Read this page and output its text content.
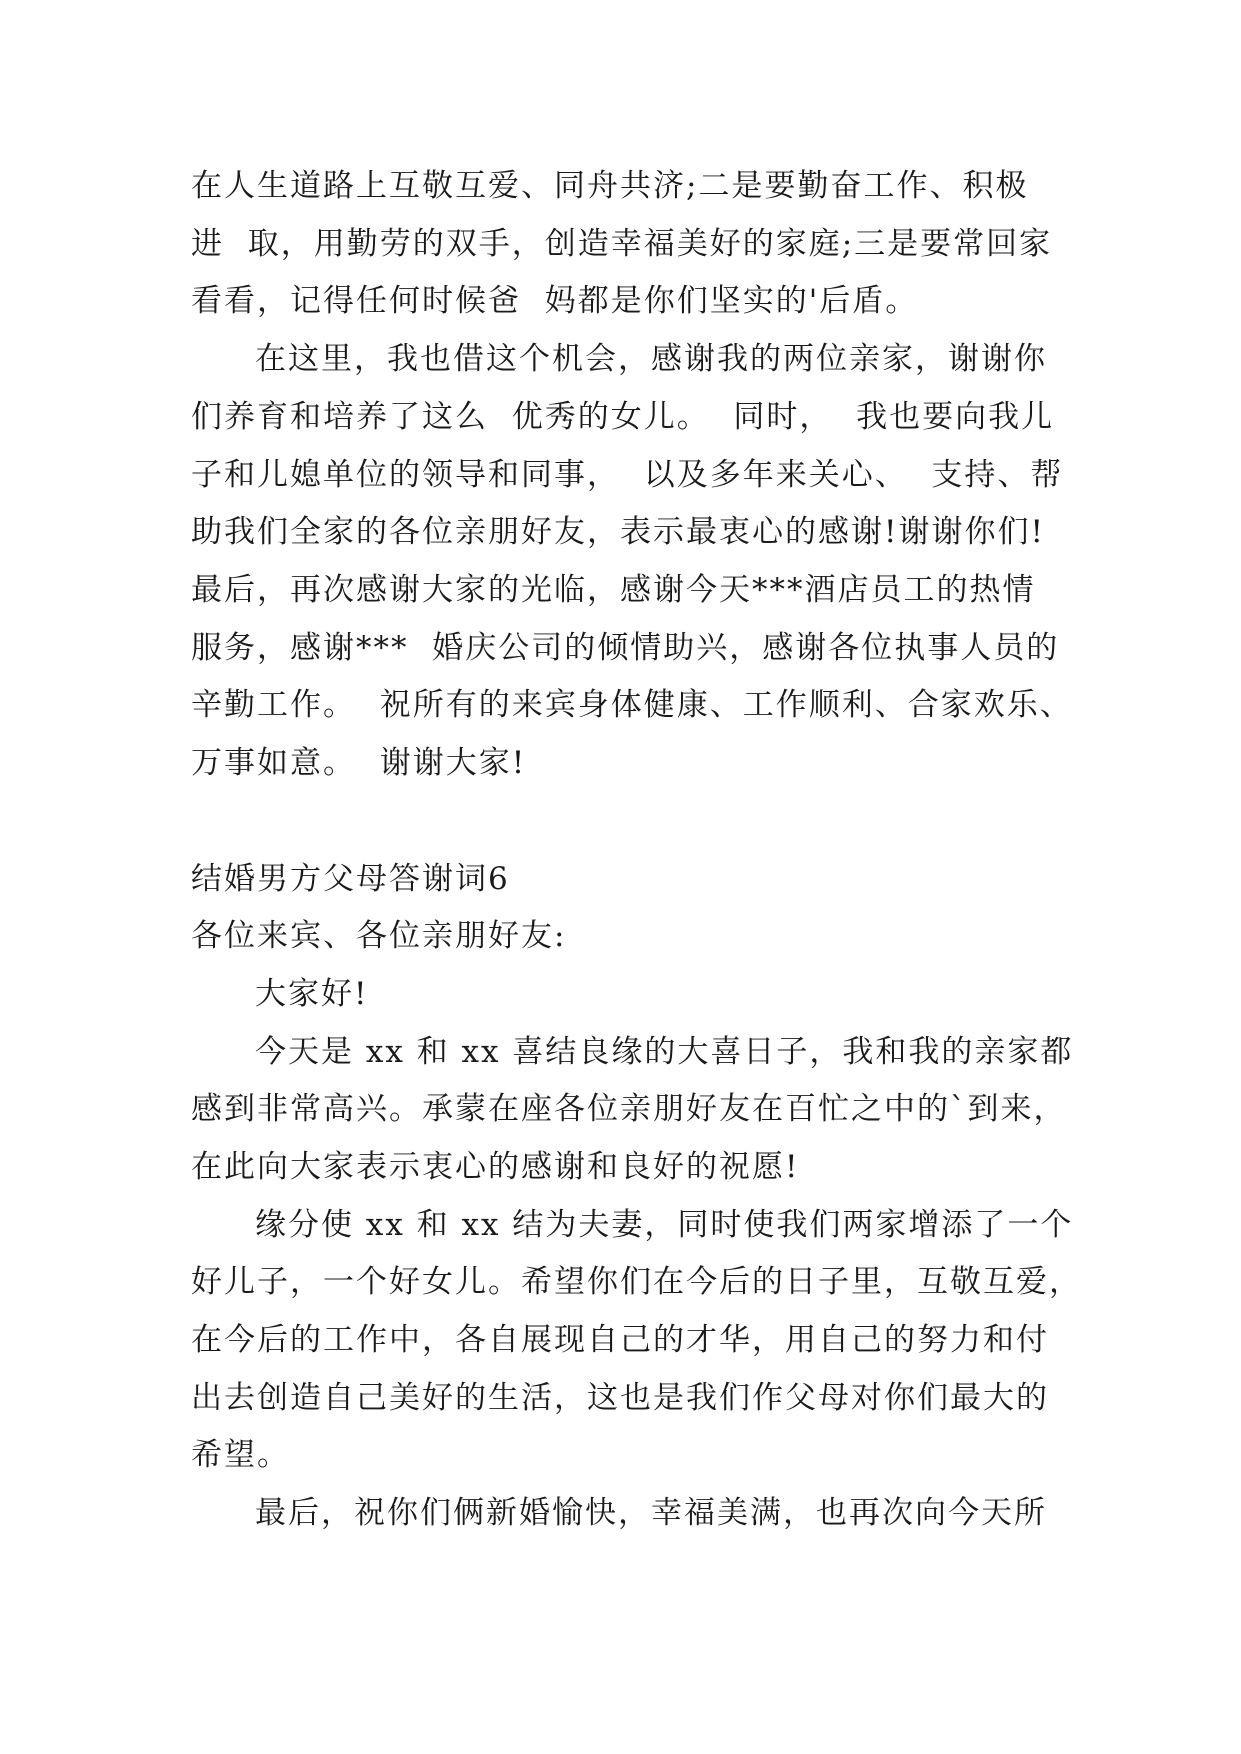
在人生道路上互敬互爱、同舟共济;二是要勤奋工作、积极
进  取，用勤劳的双手，创造幸福美好的家庭;三是要常回家
看看，记得任何时候爸  妈都是你们坚实的'后盾。
在这里，我也借这个机会，感谢我的两位亲家，谢谢你
们养育和培养了这么  优秀的女儿。  同时，  我也要向我儿
子和儿媳单位的领导和同事，  以及多年来关心、  支持、帮
助我们全家的各位亲朋好友，表示最衷心的感谢!谢谢你们!
最后，再次感谢大家的光临，感谢今天***酒店员工的热情
服务，感谢***  婚庆公司的倾情助兴，感谢各位执事人员的
辛勤工作。  祝所有的来宾身体健康、工作顺利、合家欢乐、
万事如意。  谢谢大家!
结婚男方父母答谢词6
各位来宾、各位亲朋好友:
大家好!
今天是 xx 和 xx 喜结良缘的大喜日子，我和我的亲家都
感到非常高兴。承蒙在座各位亲朋好友在百忙之中的`到来，
在此向大家表示衷心的感谢和良好的祝愿!
缘分使 xx 和 xx 结为夫妻，同时使我们两家增添了一个
好儿子，一个好女儿。希望你们在今后的日子里，互敬互爱，
在今后的工作中，各自展现自己的才华，用自己的努力和付
出去创造自己美好的生活，这也是我们作父母对你们最大的
希望。
最后，祝你们俩新婚愉快，幸福美满，也再次向今天所
